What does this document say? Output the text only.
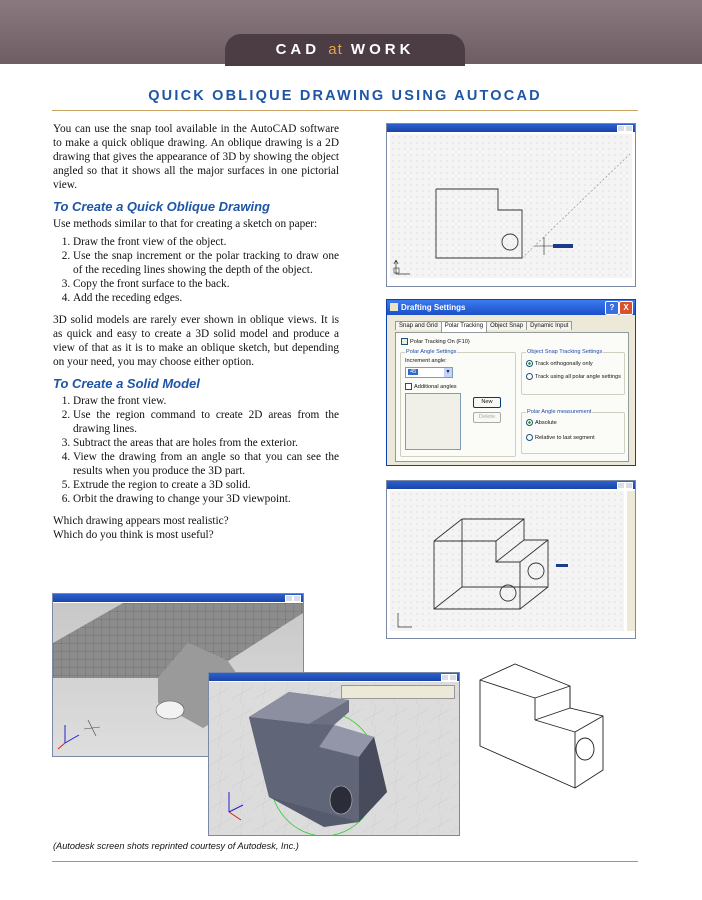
CAD at WORK
QUICK OBLIQUE DRAWING USING AUTOCAD

You can use the snap tool available in the AutoCAD software to make a quick oblique drawing. An oblique drawing is a 2D drawing that gives the appearance of 3D by showing the object angled so that it shows all the major surfaces in one pictorial view.

To Create a Quick Oblique Drawing

Use methods similar to that for creating a sketch on paper:

1. Draw the front view of the object.
2. Use the snap increment or the polar tracking to draw one of the receding lines showing the depth of the object.
3. Copy the front surface to the back.
4. Add the receding edges.

3D solid models are rarely ever shown in oblique views. It is as quick and easy to create a 3D solid model and produce a view of that as it is to make an oblique sketch, but depending on your need, you may choose either option.

To Create a Solid Model
1. Draw the front view.
2. Use the region command to create 2D areas from the drawing lines.
3. Subtract the areas that are holes from the exterior.
4. View the drawing from an angle so that you can see the results when you produce the 3D part.
5. Extrude the region to create a 3D solid.
6. Orbit the drawing to change your 3D viewpoint.

Which drawing appears most realistic?

Which do you think is most useful?

Drafting Settings	?	X
Snap and Grid Polar Tracking Object Snap Dynamic Input
Polar Tracking On (F10)
Polar Angle Settings
Increment angle:
45	▼
Additional angles
New
Delete
Object Snap Tracking Settings
Track orthogonally only
Track using all polar angle settings
Polar Angle measurement
Absolute
Relative to last segment
(Autodesk screen shots reprinted courtesy of Autodesk, Inc.)
